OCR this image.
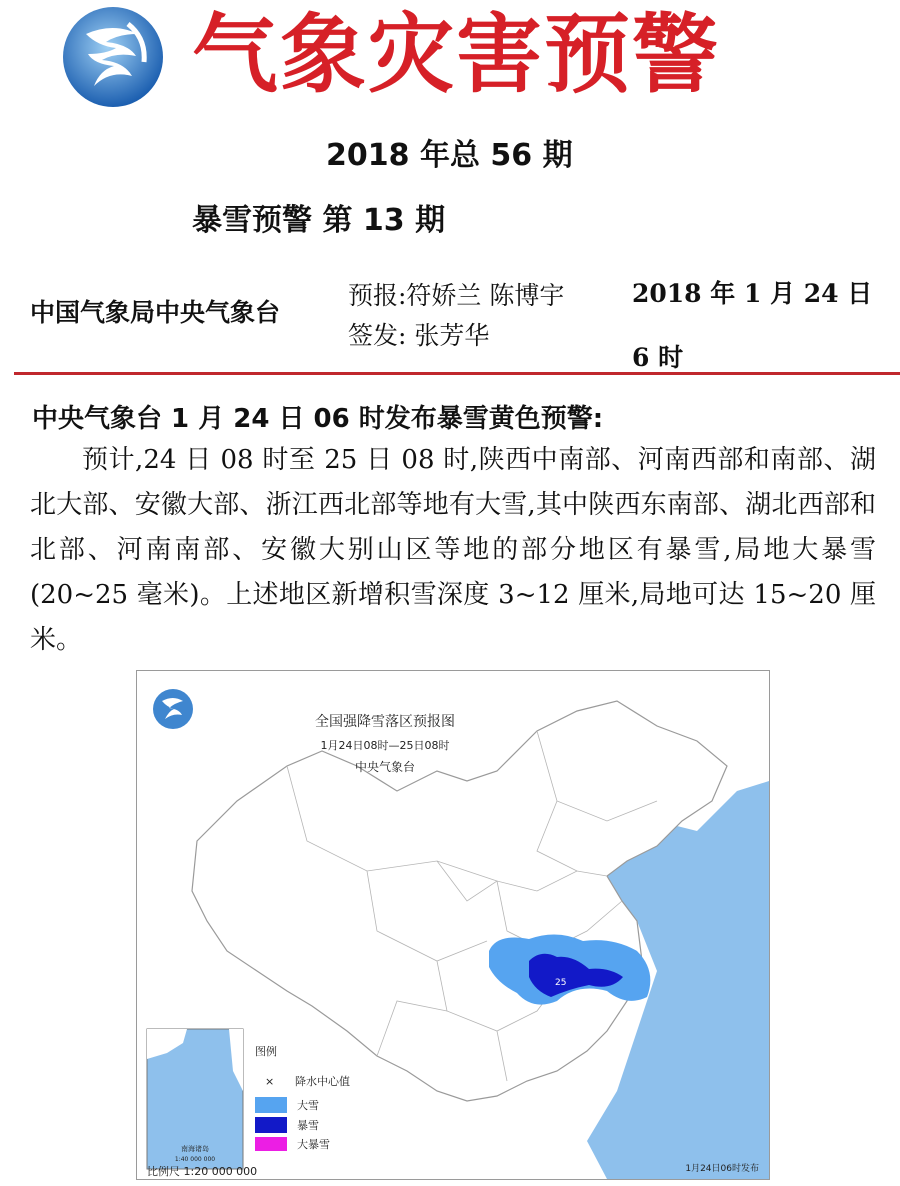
气象灾害预警
2018 年总 56 期
暴雪预警 第 13 期
中国气象局中央气象台
预报:符娇兰 陈博宇
签发: 张芳华
2018 年 1 月 24 日 6 时
中央气象台 1 月 24 日 06 时发布暴雪黄色预警:
预计,24 日 08 时至 25 日 08 时,陕西中南部、河南西部和南部、湖北大部、安徽大部、浙江西北部等地有大雪,其中陕西东南部、湖北西部和北部、河南南部、安徽大别山区等地的部分地区有暴雪,局地大暴雪(20~25 毫米)。上述地区新增积雪深度 3~12 厘米,局地可达 15~20 厘米。
25
全国强降雪落区预报图
1月24日08时—25日08时
中央气象台
南海诸岛
1:40 000 000
图例
× 降水中心值
大雪
暴雪
大暴雪
比例尺 1:20 000 000	1月24日06时发布
